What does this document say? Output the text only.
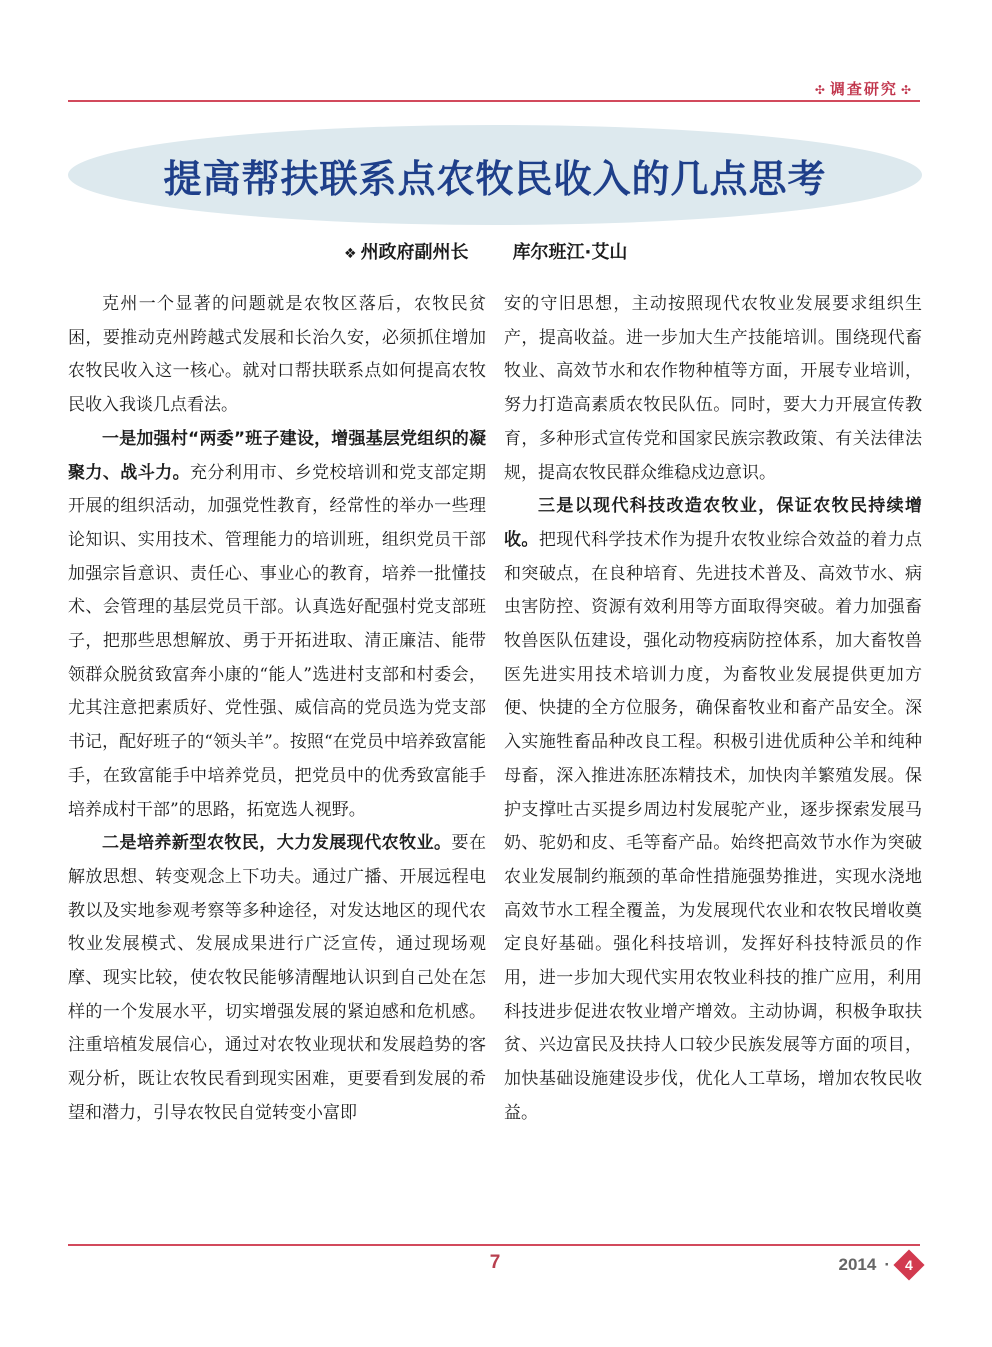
✣ 调查研究 ✣
提高帮扶联系点农牧民收入的几点思考
❖ 州政府副州长 库尔班江·艾山

克州一个显著的问题就是农牧区落后，农牧民贫困，要推动克州跨越式发展和长治久安，必须抓住增加农牧民收入这一核心。就对口帮扶联系点如何提高农牧民收入我谈几点看法。

一是加强村“两委”班子建设，增强基层党组织的凝聚力、战斗力。充分利用市、乡党校培训和党支部定期开展的组织活动，加强党性教育，经常性的举办一些理论知识、实用技术、管理能力的培训班，组织党员干部加强宗旨意识、责任心、事业心的教育，培养一批懂技术、会管理的基层党员干部。认真选好配强村党支部班子，把那些思想解放、勇于开拓进取、清正廉洁、能带领群众脱贫致富奔小康的“能人”选进村支部和村委会，尤其注意把素质好、党性强、威信高的党员选为党支部书记，配好班子的“领头羊”。按照“在党员中培养致富能手，在致富能手中培养党员，把党员中的优秀致富能手培养成村干部”的思路，拓宽选人视野。

二是培养新型农牧民，大力发展现代农牧业。要在解放思想、转变观念上下功夫。通过广播、开展远程电教以及实地参观考察等多种途径，对发达地区的现代农牧业发展模式、发展成果进行广泛宣传，通过现场观摩、现实比较，使农牧民能够清醒地认识到自己处在怎样的一个发展水平，切实增强发展的紧迫感和危机感。注重培植发展信心，通过对农牧业现状和发展趋势的客观分析，既让农牧民看到现实困难，更要看到发展的希望和潜力，引导农牧民自觉转变小富即

安的守旧思想，主动按照现代农牧业发展要求组织生产，提高收益。进一步加大生产技能培训。围绕现代畜牧业、高效节水和农作物种植等方面，开展专业培训，努力打造高素质农牧民队伍。同时，要大力开展宣传教育，多种形式宣传党和国家民族宗教政策、有关法律法规，提高农牧民群众维稳戍边意识。

三是以现代科技改造农牧业，保证农牧民持续增收。把现代科学技术作为提升农牧业综合效益的着力点和突破点，在良种培育、先进技术普及、高效节水、病虫害防控、资源有效利用等方面取得突破。着力加强畜牧兽医队伍建设，强化动物疫病防控体系，加大畜牧兽医先进实用技术培训力度，为畜牧业发展提供更加方便、快捷的全方位服务，确保畜牧业和畜产品安全。深入实施牲畜品种改良工程。积极引进优质种公羊和纯种母畜，深入推进冻胚冻精技术，加快肉羊繁殖发展。保护支撑吐古买提乡周边村发展驼产业，逐步探索发展马奶、驼奶和皮、毛等畜产品。始终把高效节水作为突破农业发展制约瓶颈的革命性措施强势推进，实现水浇地高效节水工程全覆盖，为发展现代农业和农牧民增收奠定良好基础。强化科技培训，发挥好科技特派员的作用，进一步加大现代实用农牧业科技的推广应用，利用科技进步促进农牧业增产增效。主动协调，积极争取扶贫、兴边富民及扶持人口较少民族发展等方面的项目，加快基础设施建设步伐，优化人工草场，增加农牧民收益。

7	2014 · 4
